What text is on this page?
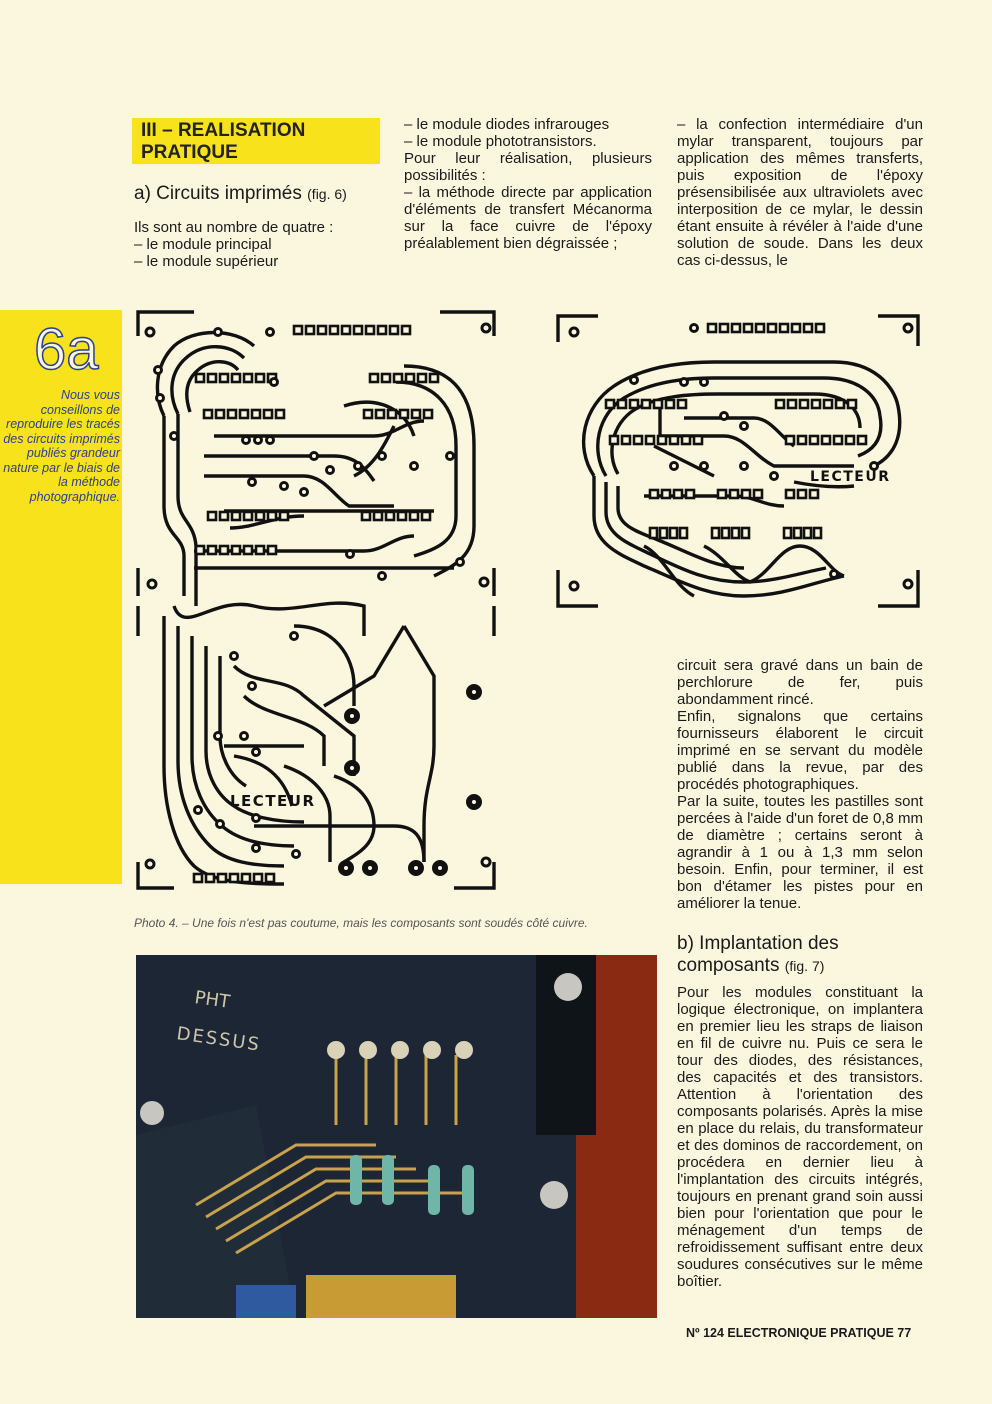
III – REALISATION PRATIQUE
a) Circuits imprimés (fig. 6)

Ils sont au nombre de quatre :

– le module principal

– le module supérieur

– le module diodes infrarouges

– le module phototransistors.

Pour leur réalisation, plusieurs possibilités :

– la méthode directe par application d'éléments de transfert Mécanorma sur la face cuivre de l'époxy préalablement bien dégraissée ;

– la confection intermédiaire d'un mylar transparent, toujours par application des mêmes transferts, puis exposition de l'époxy présensibilisée aux ultraviolets avec interposition de ce mylar, le dessin étant ensuite à révéler à l'aide d'une solution de soude. Dans les deux cas ci-dessus, le

6a
Nous vous conseillons de reproduire les tracés des circuits imprimés publiés grandeur nature par le biais de la méthode photographique.
LECTEUR
LECTEUR

circuit sera gravé dans un bain de perchlorure de fer, puis abondamment rincé.

Enfin, signalons que certains fournisseurs élaborent le circuit imprimé en se servant du modèle publié dans la revue, par des procédés photographiques.

Par la suite, toutes les pastilles sont percées à l'aide d'un foret de 0,8 mm de diamètre ; certains seront à agrandir à 1 ou à 1,3 mm selon besoin. Enfin, pour terminer, il est bon d'étamer les pistes pour en améliorer la tenue.

b) Implantation des composants (fig. 7)

Pour les modules constituant la logique électronique, on implantera en premier lieu les straps de liaison en fil de cuivre nu. Puis ce sera le tour des diodes, des résistances, des capacités et des transistors. Attention à l'orientation des composants polarisés. Après la mise en place du relais, du transformateur et des dominos de raccordement, on procédera en dernier lieu à l'implantation des circuits intégrés, toujours en prenant grand soin aussi bien pour l'orientation que pour le ménagement d'un temps de refroidissement suffisant entre deux soudures consécutives sur le même boîtier.

Photo 4. – Une fois n'est pas coutume, mais les composants sont soudés côté cuivre.
PHT
DESSUS
Nº 124 ELECTRONIQUE PRATIQUE 77
